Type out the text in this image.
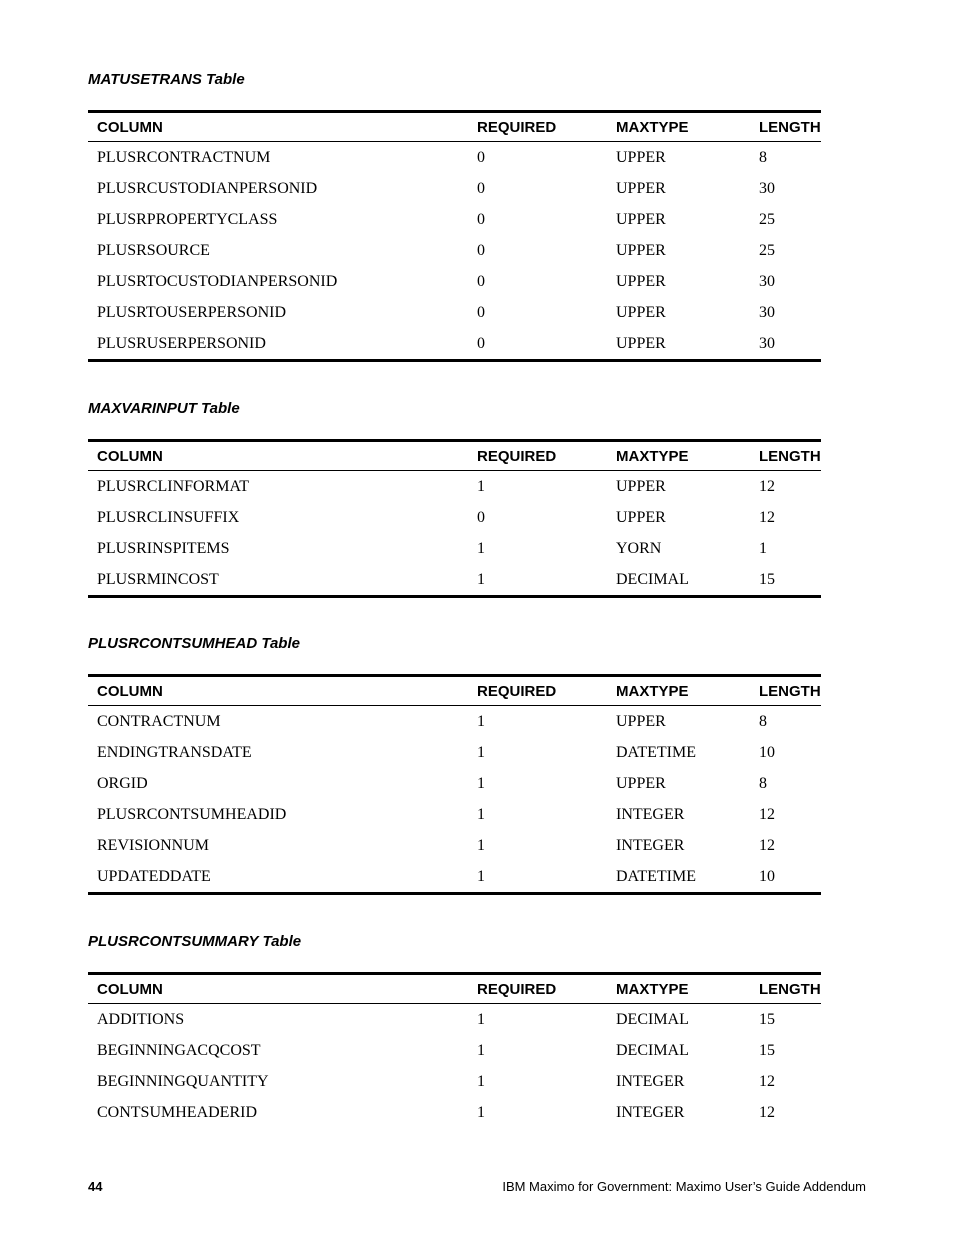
MATUSETRANS Table
COLUMN	REQUIRED	MAXTYPE	LENGTH
PLUSRCONTRACTNUM	0	UPPER	8
PLUSRCUSTODIANPERSONID	0	UPPER	30
PLUSRPROPERTYCLASS	0	UPPER	25
PLUSRSOURCE	0	UPPER	25
PLUSRTOCUSTODIANPERSONID	0	UPPER	30
PLUSRTOUSERPERSONID	0	UPPER	30
PLUSRUSERPERSONID	0	UPPER	30
MAXVARINPUT Table
COLUMN	REQUIRED	MAXTYPE	LENGTH
PLUSRCLINFORMAT	1	UPPER	12
PLUSRCLINSUFFIX	0	UPPER	12
PLUSRINSPITEMS	1	YORN	1
PLUSRMINCOST	1	DECIMAL	15
PLUSRCONTSUMHEAD Table
COLUMN	REQUIRED	MAXTYPE	LENGTH
CONTRACTNUM	1	UPPER	8
ENDINGTRANSDATE	1	DATETIME	10
ORGID	1	UPPER	8
PLUSRCONTSUMHEADID	1	INTEGER	12
REVISIONNUM	1	INTEGER	12
UPDATEDDATE	1	DATETIME	10
PLUSRCONTSUMMARY Table
COLUMN	REQUIRED	MAXTYPE	LENGTH
ADDITIONS	1	DECIMAL	15
BEGINNINGACQCOST	1	DECIMAL	15
BEGINNINGQUANTITY	1	INTEGER	12
CONTSUMHEADERID	1	INTEGER	12
44	IBM Maximo for Government: Maximo User’s Guide Addendum
